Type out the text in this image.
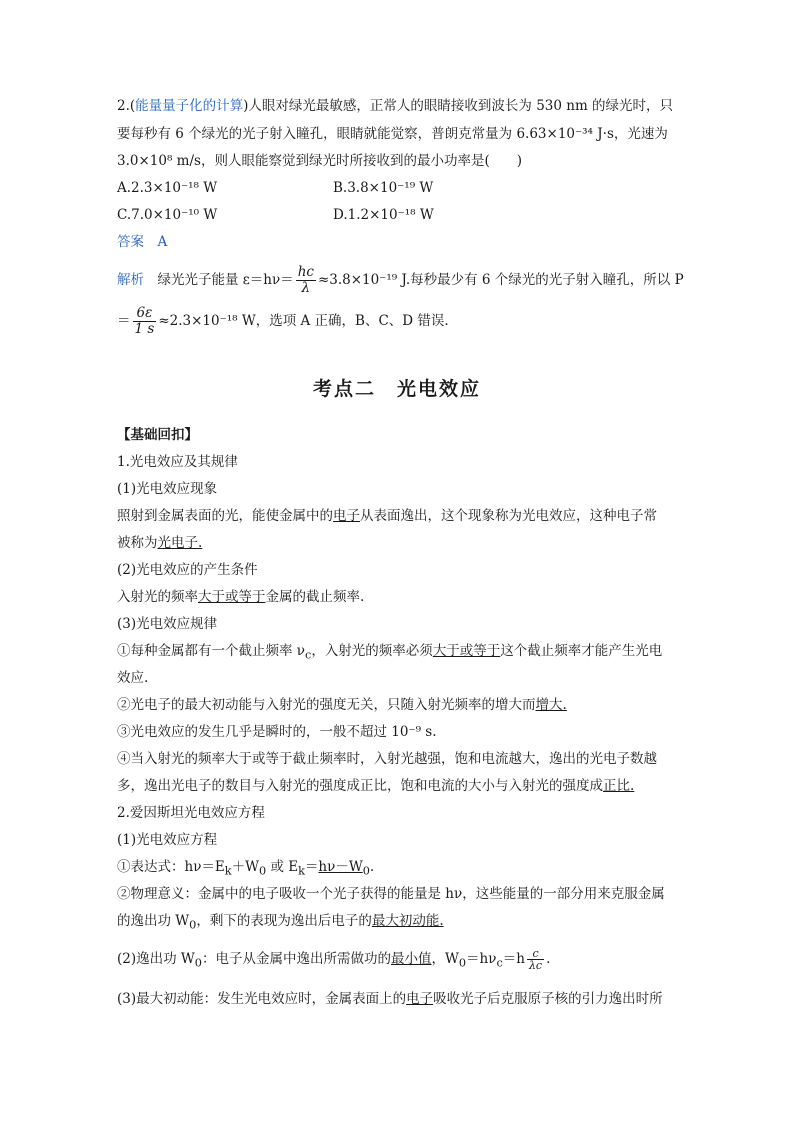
2.(能量量子化的计算)人眼对绿光最敏感，正常人的眼睛接收到波长为 530 nm 的绿光时，只
要每秒有 6 个绿光的光子射入瞳孔，眼睛就能觉察，普朗克常量为 6.63×10⁻³⁴ J·s，光速为
3.0×10⁸ m/s，则人眼能察觉到绿光时所接收到的最小功率是(　　)
A.2.3×10⁻¹⁸ W	B.3.8×10⁻¹⁹ W
C.7.0×10⁻¹⁰ W	D.1.2×10⁻¹⁸ W
答案　 A
解析　 绿光光子能量 $\varepsilon=h\nu= \frac{hc}{\lambda} \approx 3.8\times 10^{-19}$ J.每秒最少有 6 个绿光的光子射入瞳孔，所以 P
＝ $\frac{6\varepsilon}{1 s} \approx 2.3\times 10^{-18}$ W，选项 A 正确，B、C、D 错误.
考点二　光电效应
【基础回扣】
1.光电效应及其规律
(1)光电效应现象
照射到金属表面的光，能使金属中的电子从表面逸出，这个现象称为光电效应，这种电子常
被称为光电子.
(2)光电效应的产生条件
入射光的频率大于或等于金属的截止频率.
(3)光电效应规律
①每种金属都有一个截止频率 $\nu_c$，入射光的频率必须大于或等于这个截止频率才能产生光电
效应.
②光电子的最大初动能与入射光的强度无关，只随入射光频率的增大而增大.
③光电效应的发生几乎是瞬时的，一般不超过 10⁻⁹ s.
④当入射光的频率大于或等于截止频率时，入射光越强，饱和电流越大，逸出的光电子数越
多，逸出光电子的数目与入射光的强度成正比，饱和电流的大小与入射光的强度成正比.
2.爱因斯坦光电效应方程
(1)光电效应方程
①表达式：$h\nu=E_k+W_0$ 或 $E_k=h\nu-W_0$.
②物理意义：金属中的电子吸收一个光子获得的能量是 hν，这些能量的一部分用来克服金属
的逸出功 $W_0$，剩下的表现为逸出后电子的最大初动能.
(2)逸出功 $W_0$：电子从金属中逸出所需做功的最小值，$W_0=h\nu_c=h \frac{c}{\lambda c}$ .
(3)最大初动能：发生光电效应时，金属表面上的电子吸收光子后克服原子核的引力逸出时所
